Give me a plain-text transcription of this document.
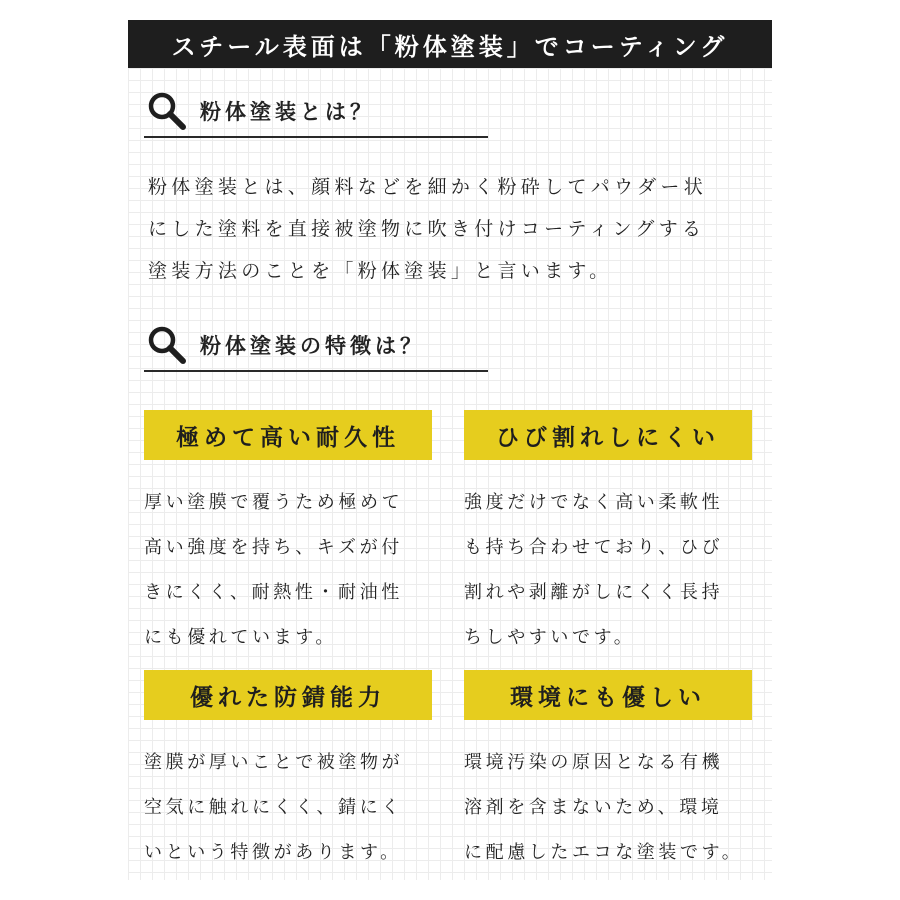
スチール表面は「粉体塗装」でコーティング
粉体塗装とは？
粉体塗装とは、顔料などを細かく粉砕してパウダー状
にした塗料を直接被塗物に吹き付けコーティングする
塗装方法のことを「粉体塗装」と言います。
粉体塗装の特徴は？
極めて高い耐久性
厚い塗膜で覆うため極めて
高い強度を持ち、キズが付
きにくく、耐熱性・耐油性
にも優れています。
ひび割れしにくい
強度だけでなく高い柔軟性
も持ち合わせており、ひび
割れや剥離がしにくく長持
ちしやすいです。
優れた防錆能力
塗膜が厚いことで被塗物が
空気に触れにくく、錆にく
いという特徴があります。
環境にも優しい
環境汚染の原因となる有機
溶剤を含まないため、環境
に配慮したエコな塗装です。
